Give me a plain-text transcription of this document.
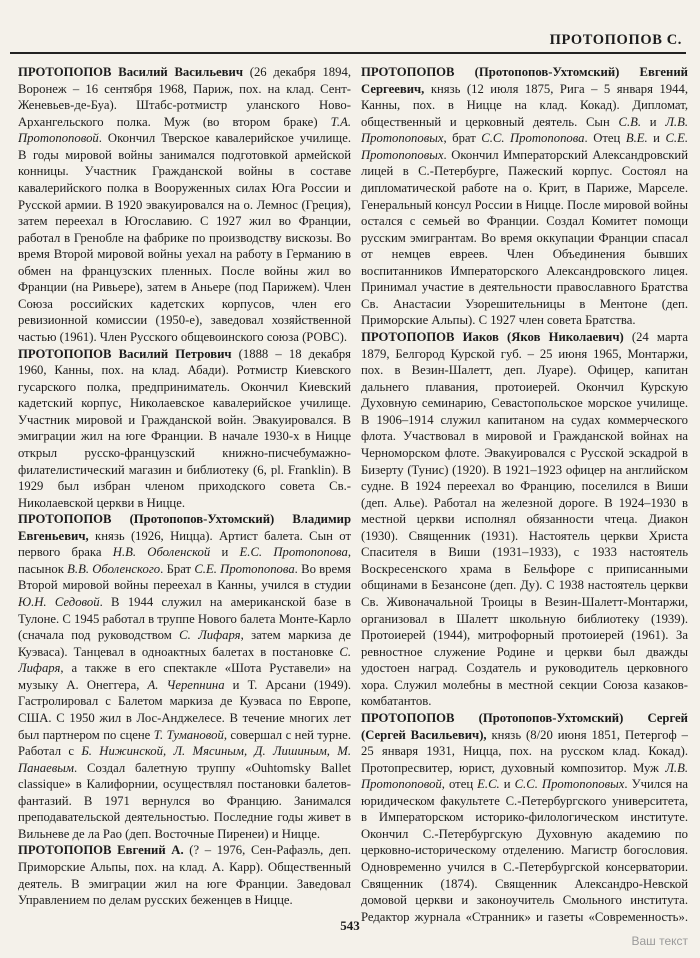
ПРОТОПОПОВ С.

ПРОТОПОПОВ Василий Васильевич (26 декабря 1894, Воронеж – 16 сентября 1968, Париж, пох. на клад. Сент-Женевьев-де-Буа). Штабс-ротмистр уланского Ново-Архангельского полка. Муж (во втором браке) Т.А. Протопоповой. Окончил Тверское кавалерийское училище. В годы мировой войны занимался подготовкой армейской конницы. Участник Гражданской войны в составе кавалерийского полка в Вооруженных силах Юга России и Русской армии. В 1920 эвакуировался на о. Лемнос (Греция), затем переехал в Югославию. С 1927 жил во Франции, работал в Гренобле на фабрике по производству вискозы. Во время Второй мировой войны уехал на работу в Германию в обмен на французских пленных. После войны жил во Франции (на Ривьере), затем в Аньере (под Парижем). Член Союза российских кадетских корпусов, член его ревизионной комиссии (1950-е), заведовал хозяйственной частью (1961). Член Русского общевоинского союза (РОВС).

ПРОТОПОПОВ Василий Петрович (1888 – 18 декабря 1960, Канны, пох. на клад. Абади). Ротмистр Киевского гусарского полка, предприниматель. Окончил Киевский кадетский корпус, Николаевское кавалерийское училище. Участник мировой и Гражданской войн. Эвакуировался. В эмиграции жил на юге Франции. В начале 1930-х в Ницце открыл русско-французский книжно-писчебумажно-филателистический магазин и библиотеку (6, pl. Franklin). В 1929 был избран членом приходского совета Св.-Николаевской церкви в Ницце.

ПРОТОПОПОВ (Протопопов-Ухтомский) Владимир Евгеньевич, князь (1926, Ницца). Артист балета. Сын от первого брака Н.В. Оболенской и Е.С. Протопопова, пасынок В.В. Оболенского. Брат С.Е. Протопопова. Во время Второй мировой войны переехал в Канны, учился в студии Ю.Н. Седовой. В 1944 служил на американской базе в Тулоне. С 1945 работал в труппе Нового балета Монте-Карло (сначала под руководством С. Лифаря, затем маркиза де Куэваса). Танцевал в одноактных балетах в постановке С. Лифаря, а также в его спектакле «Шота Руставели» на музыку А. Онеггера, А. Черепнина и Т. Арсани (1949). Гастролировал с Балетом маркиза де Куэваса по Европе, США. С 1950 жил в Лос-Анджелесе. В течение многих лет был партнером по сцене Т. Тумановой, совершал с ней турне. Работал с Б. Нижинской, Л. Мясиным, Д. Лишиным, М. Панаевым. Создал балетную труппу «Ouhtomsky Ballet classique» в Калифорнии, осуществлял постановки балетов-фантазий. В 1971 вернулся во Францию. Занимался преподавательской деятельностью. Последние годы живет в Вильневе де ла Рао (деп. Восточные Пиренеи) и Ницце.

ПРОТОПОПОВ Евгений А. (? – 1976, Сен-Рафаэль, деп. Приморские Альпы, пох. на клад. А. Карр). Общественный деятель. В эмиграции жил на юге Франции. Заведовал Управлением по делам русских беженцев в Ницце.

ПРОТОПОПОВ (Протопопов-Ухтомский) Евгений Сергеевич, князь (12 июля 1875, Рига – 5 января 1944, Канны, пох. в Ницце на клад. Кокад). Дипломат, общественный и церковный деятель. Сын С.В. и Л.В. Протопоповых, брат С.С. Протопопова. Отец В.Е. и С.Е. Протопоповых. Окончил Императорский Александровский лицей в С.-Петербурге, Пажеский корпус. Состоял на дипломатической работе на о. Крит, в Париже, Марселе. Генеральный консул России в Ницце. После мировой войны остался с семьей во Франции. Создал Комитет помощи русским эмигрантам. Во время оккупации Франции спасал от немцев евреев. Член Объединения бывших воспитанников Императорского Александровского лицея. Принимал участие в деятельности православного Братства Св. Анастасии Узорешительницы в Ментоне (деп. Приморские Альпы). С 1927 член совета Братства.

ПРОТОПОПОВ Иаков (Яков Николаевич) (24 марта 1879, Белгород Курской губ. – 25 июня 1965, Монтаржи, пох. в Везин-Шалетт, деп. Луаре). Офицер, капитан дальнего плавания, протоиерей. Окончил Курскую Духовную семинарию, Севастопольское морское училище. В 1906–1914 служил капитаном на судах коммерческого флота. Участвовал в мировой и Гражданской войнах на Черноморском флоте. Эвакуировался с Русской эскадрой в Бизерту (Тунис) (1920). В 1921–1923 офицер на английском судне. В 1924 переехал во Францию, поселился в Виши (деп. Алье). Работал на железной дороге. В 1924–1930 в местной церкви исполнял обязанности чтеца. Диакон (1930). Священник (1931). Настоятель церкви Христа Спасителя в Виши (1931–1933), с 1933 настоятель Воскресенского храма в Бельфоре с приписанными общинами в Безансоне (деп. Ду). С 1938 настоятель церкви Св. Живоначальной Троицы в Везин-Шалетт-Монтаржи, организовал в Шалетт школьную библиотеку (1939). Протоиерей (1944), митрофорный протоиерей (1961). За ревностное служение Родине и церкви был дважды удостоен наград. Создатель и руководитель церковного хора. Служил молебны в местной секции Союза казаков-комбатантов.

ПРОТОПОПОВ (Протопопов-Ухтомский) Сергей (Сергей Васильевич), князь (8/20 июня 1851, Петергоф – 25 января 1931, Ницца, пох. на русском клад. Кокад). Протопресвитер, юрист, духовный композитор. Муж Л.В. Протопоповой, отец Е.С. и С.С. Протопоповых. Учился на юридическом факультете С.-Петербургского университета, в Императорском историко-филологическом институте. Окончил С.-Петербургскую Духовную академию по церковно-историческому отделению. Магистр богословия. Одновременно учился в С.-Петербургской консерватории. Священник (1874). Священник Александро-Невской домовой церкви и законоучитель Смольного института. Редактор журнала «Странник» и газеты «Современность».

543
Ваш текст
